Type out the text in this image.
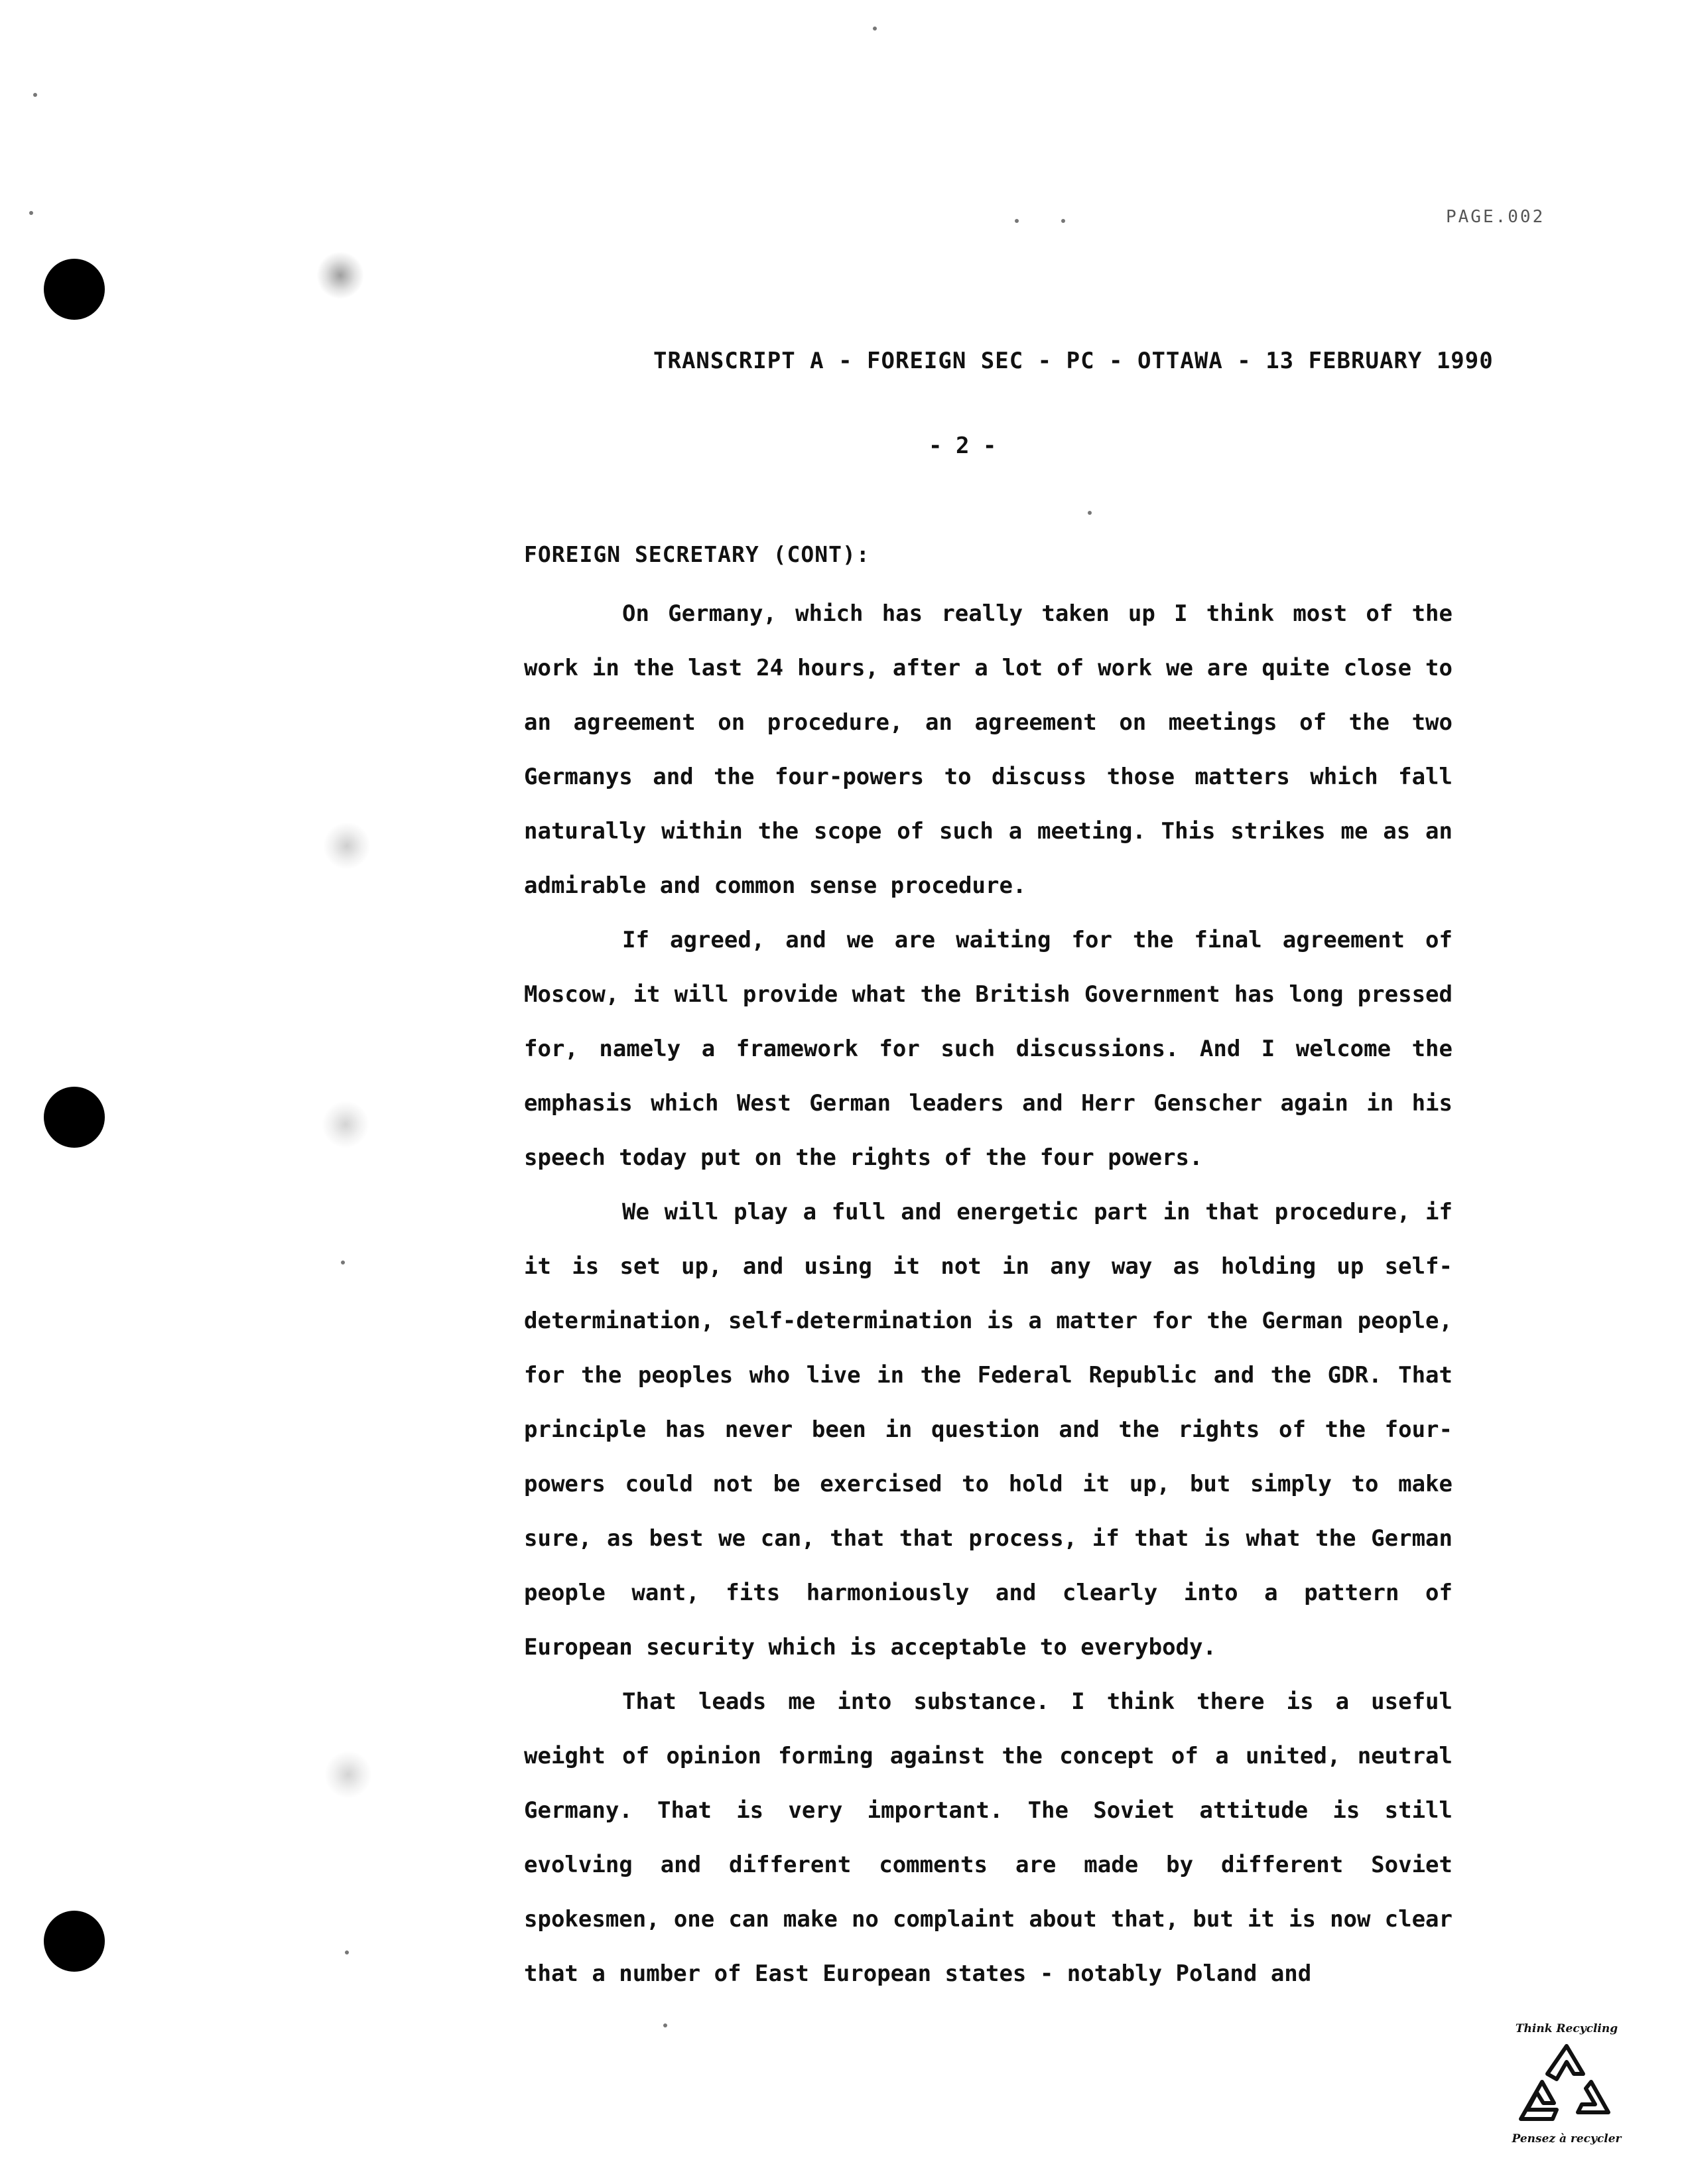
PAGE.002
TRANSCRIPT A - FOREIGN SEC - PC - OTTAWA - 13 FEBRUARY 1990
- 2 -
FOREIGN SECRETARY (CONT):

On Germany, which has really taken up I think most of the work in the last 24 hours, after a lot of work we are quite close to an agreement on procedure, an agreement on meetings of the two Germanys and the four-powers to discuss those matters which fall naturally within the scope of such a meeting. This strikes me as an admirable and common sense procedure.

If agreed, and we are waiting for the final agreement of Moscow, it will provide what the British Government has long pressed for, namely a framework for such discussions. And I welcome the emphasis which West German leaders and Herr Genscher again in his speech today put on the rights of the four powers.

We will play a full and energetic part in that procedure, if it is set up, and using it not in any way as holding up self-determination, self-determination is a matter for the German people, for the peoples who live in the Federal Republic and the GDR. That principle has never been in question and the rights of the four-powers could not be exercised to hold it up, but simply to make sure, as best we can, that that process, if that is what the German people want, fits harmoniously and clearly into a pattern of European security which is acceptable to everybody.

That leads me into substance. I think there is a useful weight of opinion forming against the concept of a united, neutral Germany. That is very important. The Soviet attitude is still evolving and different comments are made by different Soviet spokesmen, one can make no complaint about that, but it is now clear that a number of East European states - notably Poland and

Think Recycling
Pensez à recycler
